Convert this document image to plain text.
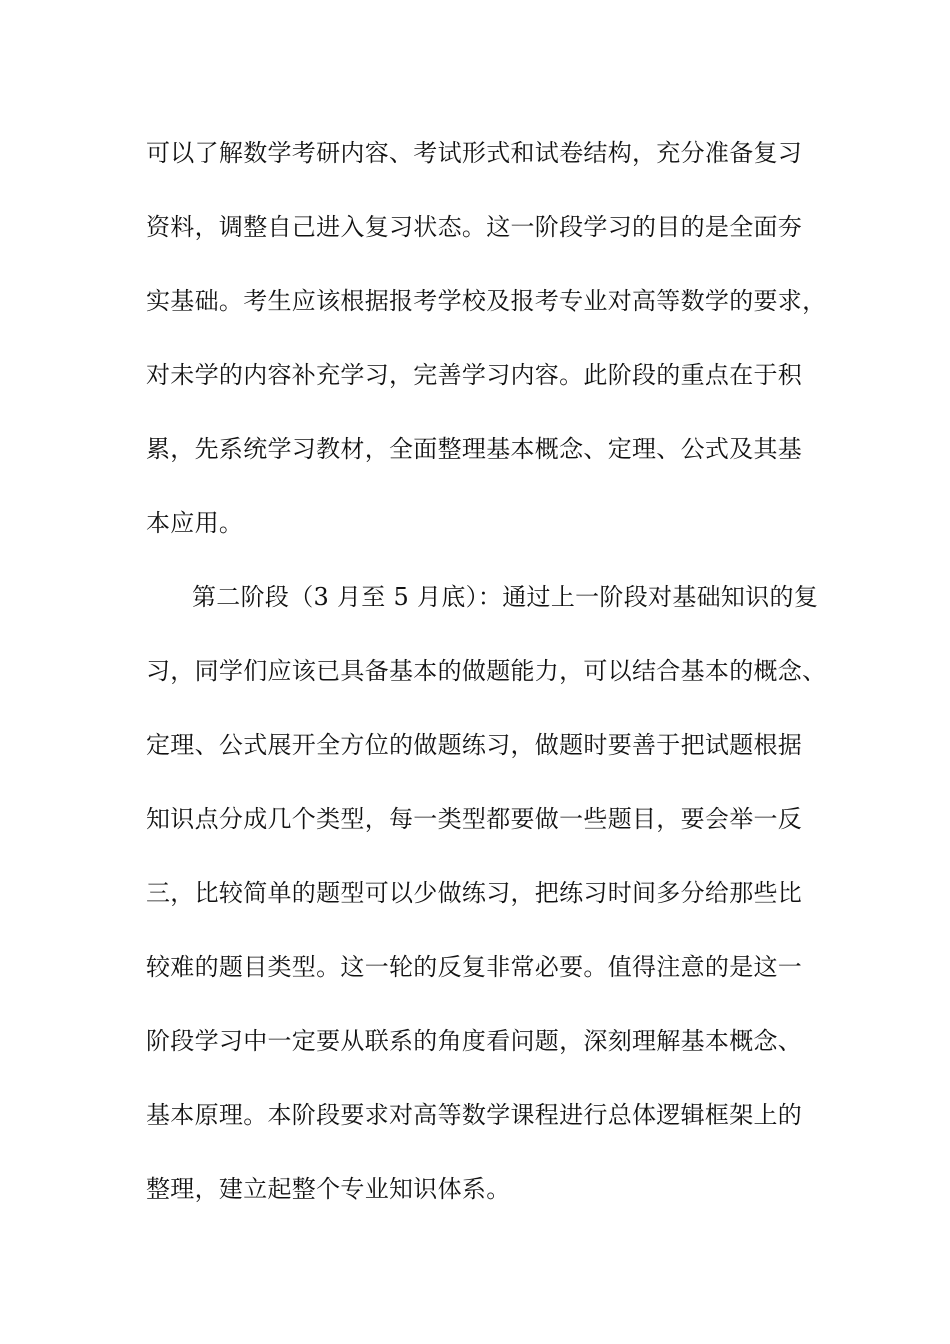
可以了解数学考研内容、考试形式和试卷结构，充分准备复习
资料，调整自己进入复习状态。这一阶段学习的目的是全面夯
实基础。考生应该根据报考学校及报考专业对高等数学的要求，
对未学的内容补充学习，完善学习内容。此阶段的重点在于积
累，先系统学习教材，全面整理基本概念、定理、公式及其基
本应用。
第二阶段（3 月至 5 月底）：通过上一阶段对基础知识的复
习，同学们应该已具备基本的做题能力，可以结合基本的概念、
定理、公式展开全方位的做题练习，做题时要善于把试题根据
知识点分成几个类型，每一类型都要做一些题目，要会举一反
三，比较简单的题型可以少做练习，把练习时间多分给那些比
较难的题目类型。这一轮的反复非常必要。值得注意的是这一
阶段学习中一定要从联系的角度看问题，深刻理解基本概念、
基本原理。本阶段要求对高等数学课程进行总体逻辑框架上的
整理，建立起整个专业知识体系。
